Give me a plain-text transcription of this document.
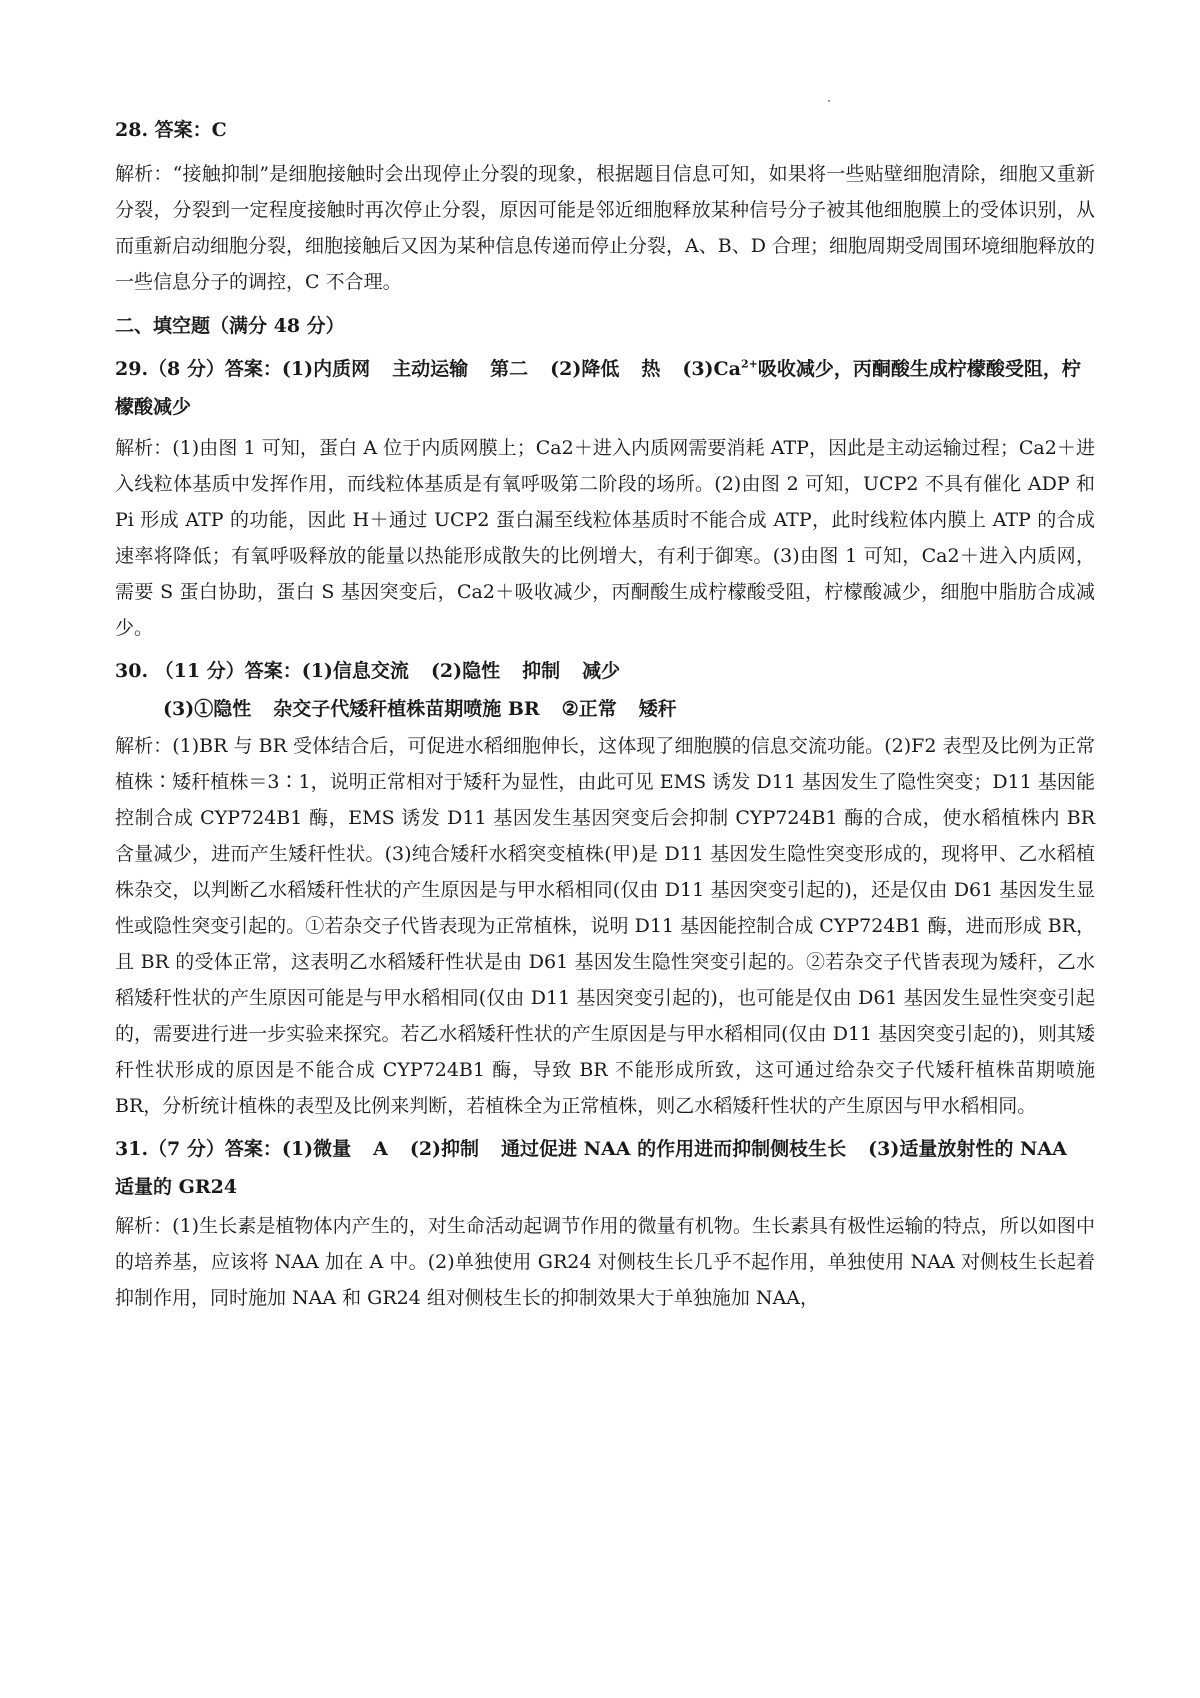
28. 答案：C

解析：“接触抑制”是细胞接触时会出现停止分裂的现象，根据题目信息可知，如果将一些贴壁细胞清除，细胞又重新分裂，分裂到一定程度接触时再次停止分裂，原因可能是邻近细胞释放某种信号分子被其他细胞膜上的受体识别，从而重新启动细胞分裂，细胞接触后又因为某种信息传递而停止分裂，A、B、D 合理；细胞周期受周围环境细胞释放的一些信息分子的调控，C 不合理。

二、填空题（满分 48 分）

29.（8 分）答案：(1)内质网 主动运输 第二 (2)降低 热 $(3)Ca^{2+}$吸收减少，丙酮酸生成柠檬酸受阻，柠檬酸减少

解析：(1)由图 1 可知，蛋白 A 位于内质网膜上；Ca2＋进入内质网需要消耗 ATP，因此是主动运输过程；Ca2＋进入线粒体基质中发挥作用，而线粒体基质是有氧呼吸第二阶段的场所。(2)由图 2 可知，UCP2 不具有催化 ADP 和 Pi 形成 ATP 的功能，因此 H＋通过 UCP2 蛋白漏至线粒体基质时不能合成 ATP，此时线粒体内膜上 ATP 的合成速率将降低；有氧呼吸释放的能量以热能形成散失的比例增大，有利于御寒。(3)由图 1 可知，Ca2＋进入内质网，需要 S 蛋白协助，蛋白 S 基因突变后，Ca2＋吸收减少，丙酮酸生成柠檬酸受阻，柠檬酸减少，细胞中脂肪合成减少。

30. （11 分）答案：(1)信息交流 (2)隐性 抑制 减少

(3)①隐性 杂交子代矮秆植株苗期喷施 BR ②正常 矮秆

解析：(1)BR 与 BR 受体结合后，可促进水稻细胞伸长，这体现了细胞膜的信息交流功能。(2)F2 表型及比例为正常植株∶矮秆植株＝3∶1，说明正常相对于矮秆为显性，由此可见 EMS 诱发 D11 基因发生了隐性突变；D11 基因能控制合成 CYP724B1 酶，EMS 诱发 D11 基因发生基因突变后会抑制 CYP724B1 酶的合成，使水稻植株内 BR 含量减少，进而产生矮秆性状。(3)纯合矮秆水稻突变植株(甲)是 D11 基因发生隐性突变形成的，现将甲、乙水稻植株杂交，以判断乙水稻矮秆性状的产生原因是与甲水稻相同(仅由 D11 基因突变引起的)，还是仅由 D61 基因发生显性或隐性突变引起的。①若杂交子代皆表现为正常植株，说明 D11 基因能控制合成 CYP724B1 酶，进而形成 BR，且 BR 的受体正常，这表明乙水稻矮秆性状是由 D61 基因发生隐性突变引起的。②若杂交子代皆表现为矮秆，乙水稻矮秆性状的产生原因可能是与甲水稻相同(仅由 D11 基因突变引起的)，也可能是仅由 D61 基因发生显性突变引起的，需要进行进一步实验来探究。若乙水稻矮秆性状的产生原因是与甲水稻相同(仅由 D11 基因突变引起的)，则其矮秆性状形成的原因是不能合成 CYP724B1 酶，导致 BR 不能形成所致，这可通过给杂交子代矮秆植株苗期喷施 BR，分析统计植株的表型及比例来判断，若植株全为正常植株，则乙水稻矮秆性状的产生原因与甲水稻相同。

31.（7 分）答案：(1)微量 A (2)抑制 通过促进 NAA 的作用进而抑制侧枝生长 (3)适量放射性的 NAA
适量的 GR24

解析：(1)生长素是植物体内产生的，对生命活动起调节作用的微量有机物。生长素具有极性运输的特点，所以如图中的培养基，应该将 NAA 加在 A 中。(2)单独使用 GR24 对侧枝生长几乎不起作用，单独使用 NAA 对侧枝生长起着抑制作用，同时施加 NAA 和 GR24 组对侧枝生长的抑制效果大于单独施加 NAA，
